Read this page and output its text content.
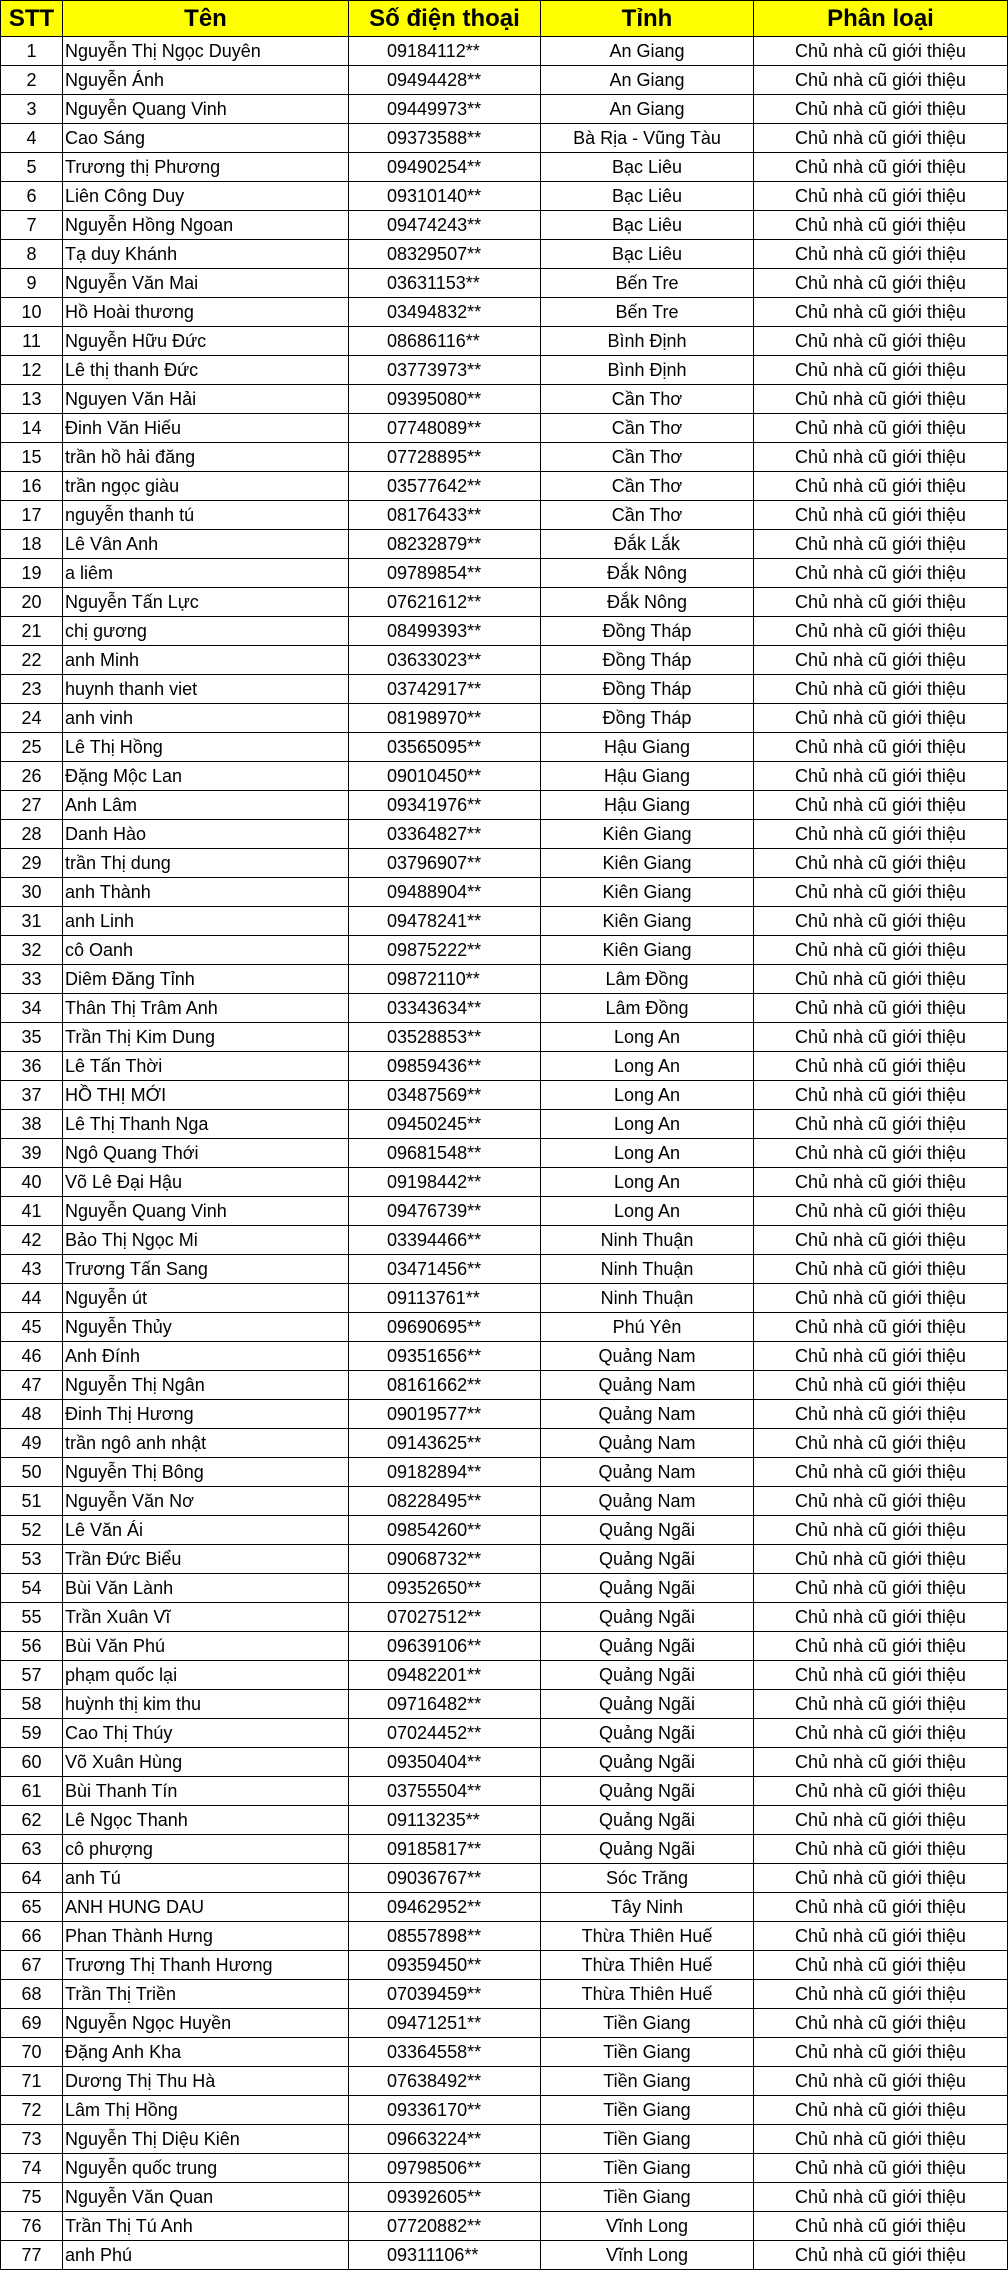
STT	Tên	Số điện thoại	Tỉnh	Phân loại
1	Nguyễn Thị Ngọc Duyên	09184112**	An Giang	Chủ nhà cũ giới thiệu
2	Nguyễn Ánh	09494428**	An Giang	Chủ nhà cũ giới thiệu
3	Nguyễn Quang Vinh	09449973**	An Giang	Chủ nhà cũ giới thiệu
4	Cao Sáng	09373588**	Bà Rịa - Vũng Tàu	Chủ nhà cũ giới thiệu
5	Trương thị Phương	09490254**	Bạc Liêu	Chủ nhà cũ giới thiệu
6	Liên Công Duy	09310140**	Bạc Liêu	Chủ nhà cũ giới thiệu
7	Nguyễn Hồng Ngoan	09474243**	Bạc Liêu	Chủ nhà cũ giới thiệu
8	Tạ duy Khánh	08329507**	Bạc Liêu	Chủ nhà cũ giới thiệu
9	Nguyễn Văn Mai	03631153**	Bến Tre	Chủ nhà cũ giới thiệu
10	Hồ Hoài thương	03494832**	Bến Tre	Chủ nhà cũ giới thiệu
11	Nguyễn Hữu Đức	08686116**	Bình Định	Chủ nhà cũ giới thiệu
12	Lê thị thanh Đức	03773973**	Bình Định	Chủ nhà cũ giới thiệu
13	Nguyen Văn Hải	09395080**	Cần Thơ	Chủ nhà cũ giới thiệu
14	Đinh Văn Hiếu	07748089**	Cần Thơ	Chủ nhà cũ giới thiệu
15	trần hồ hải đăng	07728895**	Cần Thơ	Chủ nhà cũ giới thiệu
16	trần ngọc giàu	03577642**	Cần Thơ	Chủ nhà cũ giới thiệu
17	nguyễn thanh tú	08176433**	Cần Thơ	Chủ nhà cũ giới thiệu
18	Lê Vân Anh	08232879**	Đắk Lắk	Chủ nhà cũ giới thiệu
19	a liêm	09789854**	Đắk Nông	Chủ nhà cũ giới thiệu
20	Nguyễn Tấn Lực	07621612**	Đắk Nông	Chủ nhà cũ giới thiệu
21	chị gương	08499393**	Đồng Tháp	Chủ nhà cũ giới thiệu
22	anh Minh	03633023**	Đồng Tháp	Chủ nhà cũ giới thiệu
23	huynh thanh viet	03742917**	Đồng Tháp	Chủ nhà cũ giới thiệu
24	anh vinh	08198970**	Đồng Tháp	Chủ nhà cũ giới thiệu
25	Lê Thị Hồng	03565095**	Hậu Giang	Chủ nhà cũ giới thiệu
26	Đặng Mộc Lan	09010450**	Hậu Giang	Chủ nhà cũ giới thiệu
27	Anh Lâm	09341976**	Hậu Giang	Chủ nhà cũ giới thiệu
28	Danh Hào	03364827**	Kiên Giang	Chủ nhà cũ giới thiệu
29	trần Thị dung	03796907**	Kiên Giang	Chủ nhà cũ giới thiệu
30	anh Thành	09488904**	Kiên Giang	Chủ nhà cũ giới thiệu
31	anh Linh	09478241**	Kiên Giang	Chủ nhà cũ giới thiệu
32	cô Oanh	09875222**	Kiên Giang	Chủ nhà cũ giới thiệu
33	Diêm Đăng Tỉnh	09872110**	Lâm Đồng	Chủ nhà cũ giới thiệu
34	Thân Thị Trâm Anh	03343634**	Lâm Đồng	Chủ nhà cũ giới thiệu
35	Trần Thị Kim Dung	03528853**	Long An	Chủ nhà cũ giới thiệu
36	Lê Tấn Thời	09859436**	Long An	Chủ nhà cũ giới thiệu
37	HỒ THỊ MỚI	03487569**	Long An	Chủ nhà cũ giới thiệu
38	Lê Thị Thanh Nga	09450245**	Long An	Chủ nhà cũ giới thiệu
39	Ngô Quang Thới	09681548**	Long An	Chủ nhà cũ giới thiệu
40	Võ Lê Đại Hậu	09198442**	Long An	Chủ nhà cũ giới thiệu
41	Nguyễn Quang Vinh	09476739**	Long An	Chủ nhà cũ giới thiệu
42	Bảo Thị Ngọc Mi	03394466**	Ninh Thuận	Chủ nhà cũ giới thiệu
43	Trương Tấn Sang	03471456**	Ninh Thuận	Chủ nhà cũ giới thiệu
44	Nguyễn út	09113761**	Ninh Thuận	Chủ nhà cũ giới thiệu
45	Nguyễn Thủy	09690695**	Phú Yên	Chủ nhà cũ giới thiệu
46	Anh Đính	09351656**	Quảng Nam	Chủ nhà cũ giới thiệu
47	Nguyễn Thị Ngân	08161662**	Quảng Nam	Chủ nhà cũ giới thiệu
48	Đinh Thị Hương	09019577**	Quảng Nam	Chủ nhà cũ giới thiệu
49	trần ngô anh nhật	09143625**	Quảng Nam	Chủ nhà cũ giới thiệu
50	Nguyễn Thị Bông	09182894**	Quảng Nam	Chủ nhà cũ giới thiệu
51	Nguyễn Văn Nơ	08228495**	Quảng Nam	Chủ nhà cũ giới thiệu
52	Lê Văn Ái	09854260**	Quảng Ngãi	Chủ nhà cũ giới thiệu
53	Trần Đức Biểu	09068732**	Quảng Ngãi	Chủ nhà cũ giới thiệu
54	Bùi Văn Lành	09352650**	Quảng Ngãi	Chủ nhà cũ giới thiệu
55	Trần Xuân Vĩ	07027512**	Quảng Ngãi	Chủ nhà cũ giới thiệu
56	Bùi Văn Phú	09639106**	Quảng Ngãi	Chủ nhà cũ giới thiệu
57	phạm quốc lại	09482201**	Quảng Ngãi	Chủ nhà cũ giới thiệu
58	huỳnh thị kim thu	09716482**	Quảng Ngãi	Chủ nhà cũ giới thiệu
59	Cao Thị Thúy	07024452**	Quảng Ngãi	Chủ nhà cũ giới thiệu
60	Võ Xuân Hùng	09350404**	Quảng Ngãi	Chủ nhà cũ giới thiệu
61	Bùi Thanh Tín	03755504**	Quảng Ngãi	Chủ nhà cũ giới thiệu
62	Lê Ngọc Thanh	09113235**	Quảng Ngãi	Chủ nhà cũ giới thiệu
63	cô phượng	09185817**	Quảng Ngãi	Chủ nhà cũ giới thiệu
64	anh Tú	09036767**	Sóc Trăng	Chủ nhà cũ giới thiệu
65	ANH HUNG DAU	09462952**	Tây Ninh	Chủ nhà cũ giới thiệu
66	Phan Thành Hưng	08557898**	Thừa Thiên Huế	Chủ nhà cũ giới thiệu
67	Trương Thị Thanh Hương	09359450**	Thừa Thiên Huế	Chủ nhà cũ giới thiệu
68	Trần Thị Triền	07039459**	Thừa Thiên Huế	Chủ nhà cũ giới thiệu
69	Nguyễn Ngọc Huyền	09471251**	Tiền Giang	Chủ nhà cũ giới thiệu
70	Đặng Anh Kha	03364558**	Tiền Giang	Chủ nhà cũ giới thiệu
71	Dương Thị Thu Hà	07638492**	Tiền Giang	Chủ nhà cũ giới thiệu
72	Lâm Thị Hồng	09336170**	Tiền Giang	Chủ nhà cũ giới thiệu
73	Nguyễn Thị Diệu Kiên	09663224**	Tiền Giang	Chủ nhà cũ giới thiệu
74	Nguyễn quốc trung	09798506**	Tiền Giang	Chủ nhà cũ giới thiệu
75	Nguyễn Văn Quan	09392605**	Tiền Giang	Chủ nhà cũ giới thiệu
76	Trần Thị Tú Anh	07720882**	Vĩnh Long	Chủ nhà cũ giới thiệu
77	anh Phú	09311106**	Vĩnh Long	Chủ nhà cũ giới thiệu
